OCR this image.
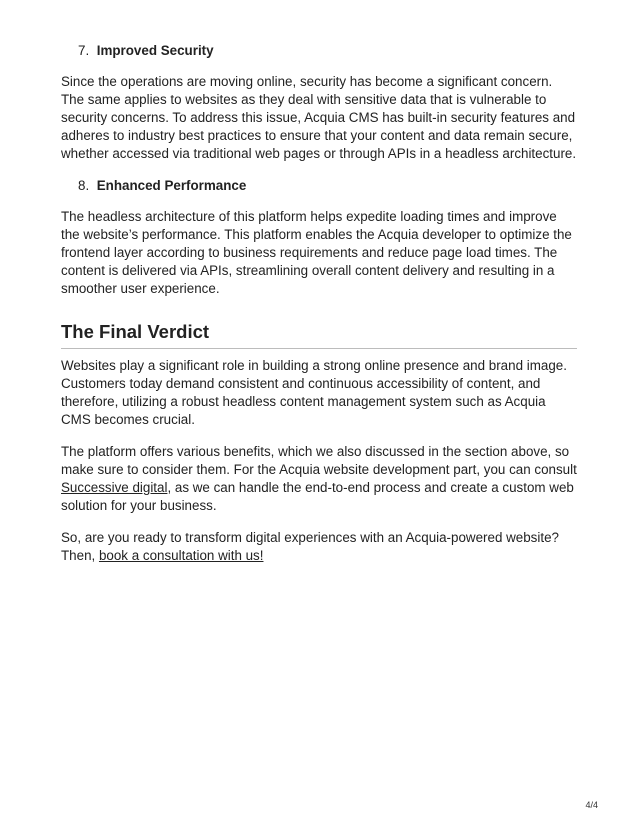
7. Improved Security

Since the operations are moving online, security has become a significant concern. The same applies to websites as they deal with sensitive data that is vulnerable to security concerns. To address this issue, Acquia CMS has built-in security features and adheres to industry best practices to ensure that your content and data remain secure, whether accessed via traditional web pages or through APIs in a headless architecture.

8. Enhanced Performance

The headless architecture of this platform helps expedite loading times and improve the website’s performance. This platform enables the Acquia developer to optimize the frontend layer according to business requirements and reduce page load times. The content is delivered via APIs, streamlining overall content delivery and resulting in a smoother user experience.

The Final Verdict

Websites play a significant role in building a strong online presence and brand image. Customers today demand consistent and continuous accessibility of content, and therefore, utilizing a robust headless content management system such as Acquia CMS becomes crucial.

The platform offers various benefits, which we also discussed in the section above, so make sure to consider them. For the Acquia website development part, you can consult Successive digital, as we can handle the end-to-end process and create a custom web solution for your business.

So, are you ready to transform digital experiences with an Acquia-powered website? Then, book a consultation with us!

4/4
